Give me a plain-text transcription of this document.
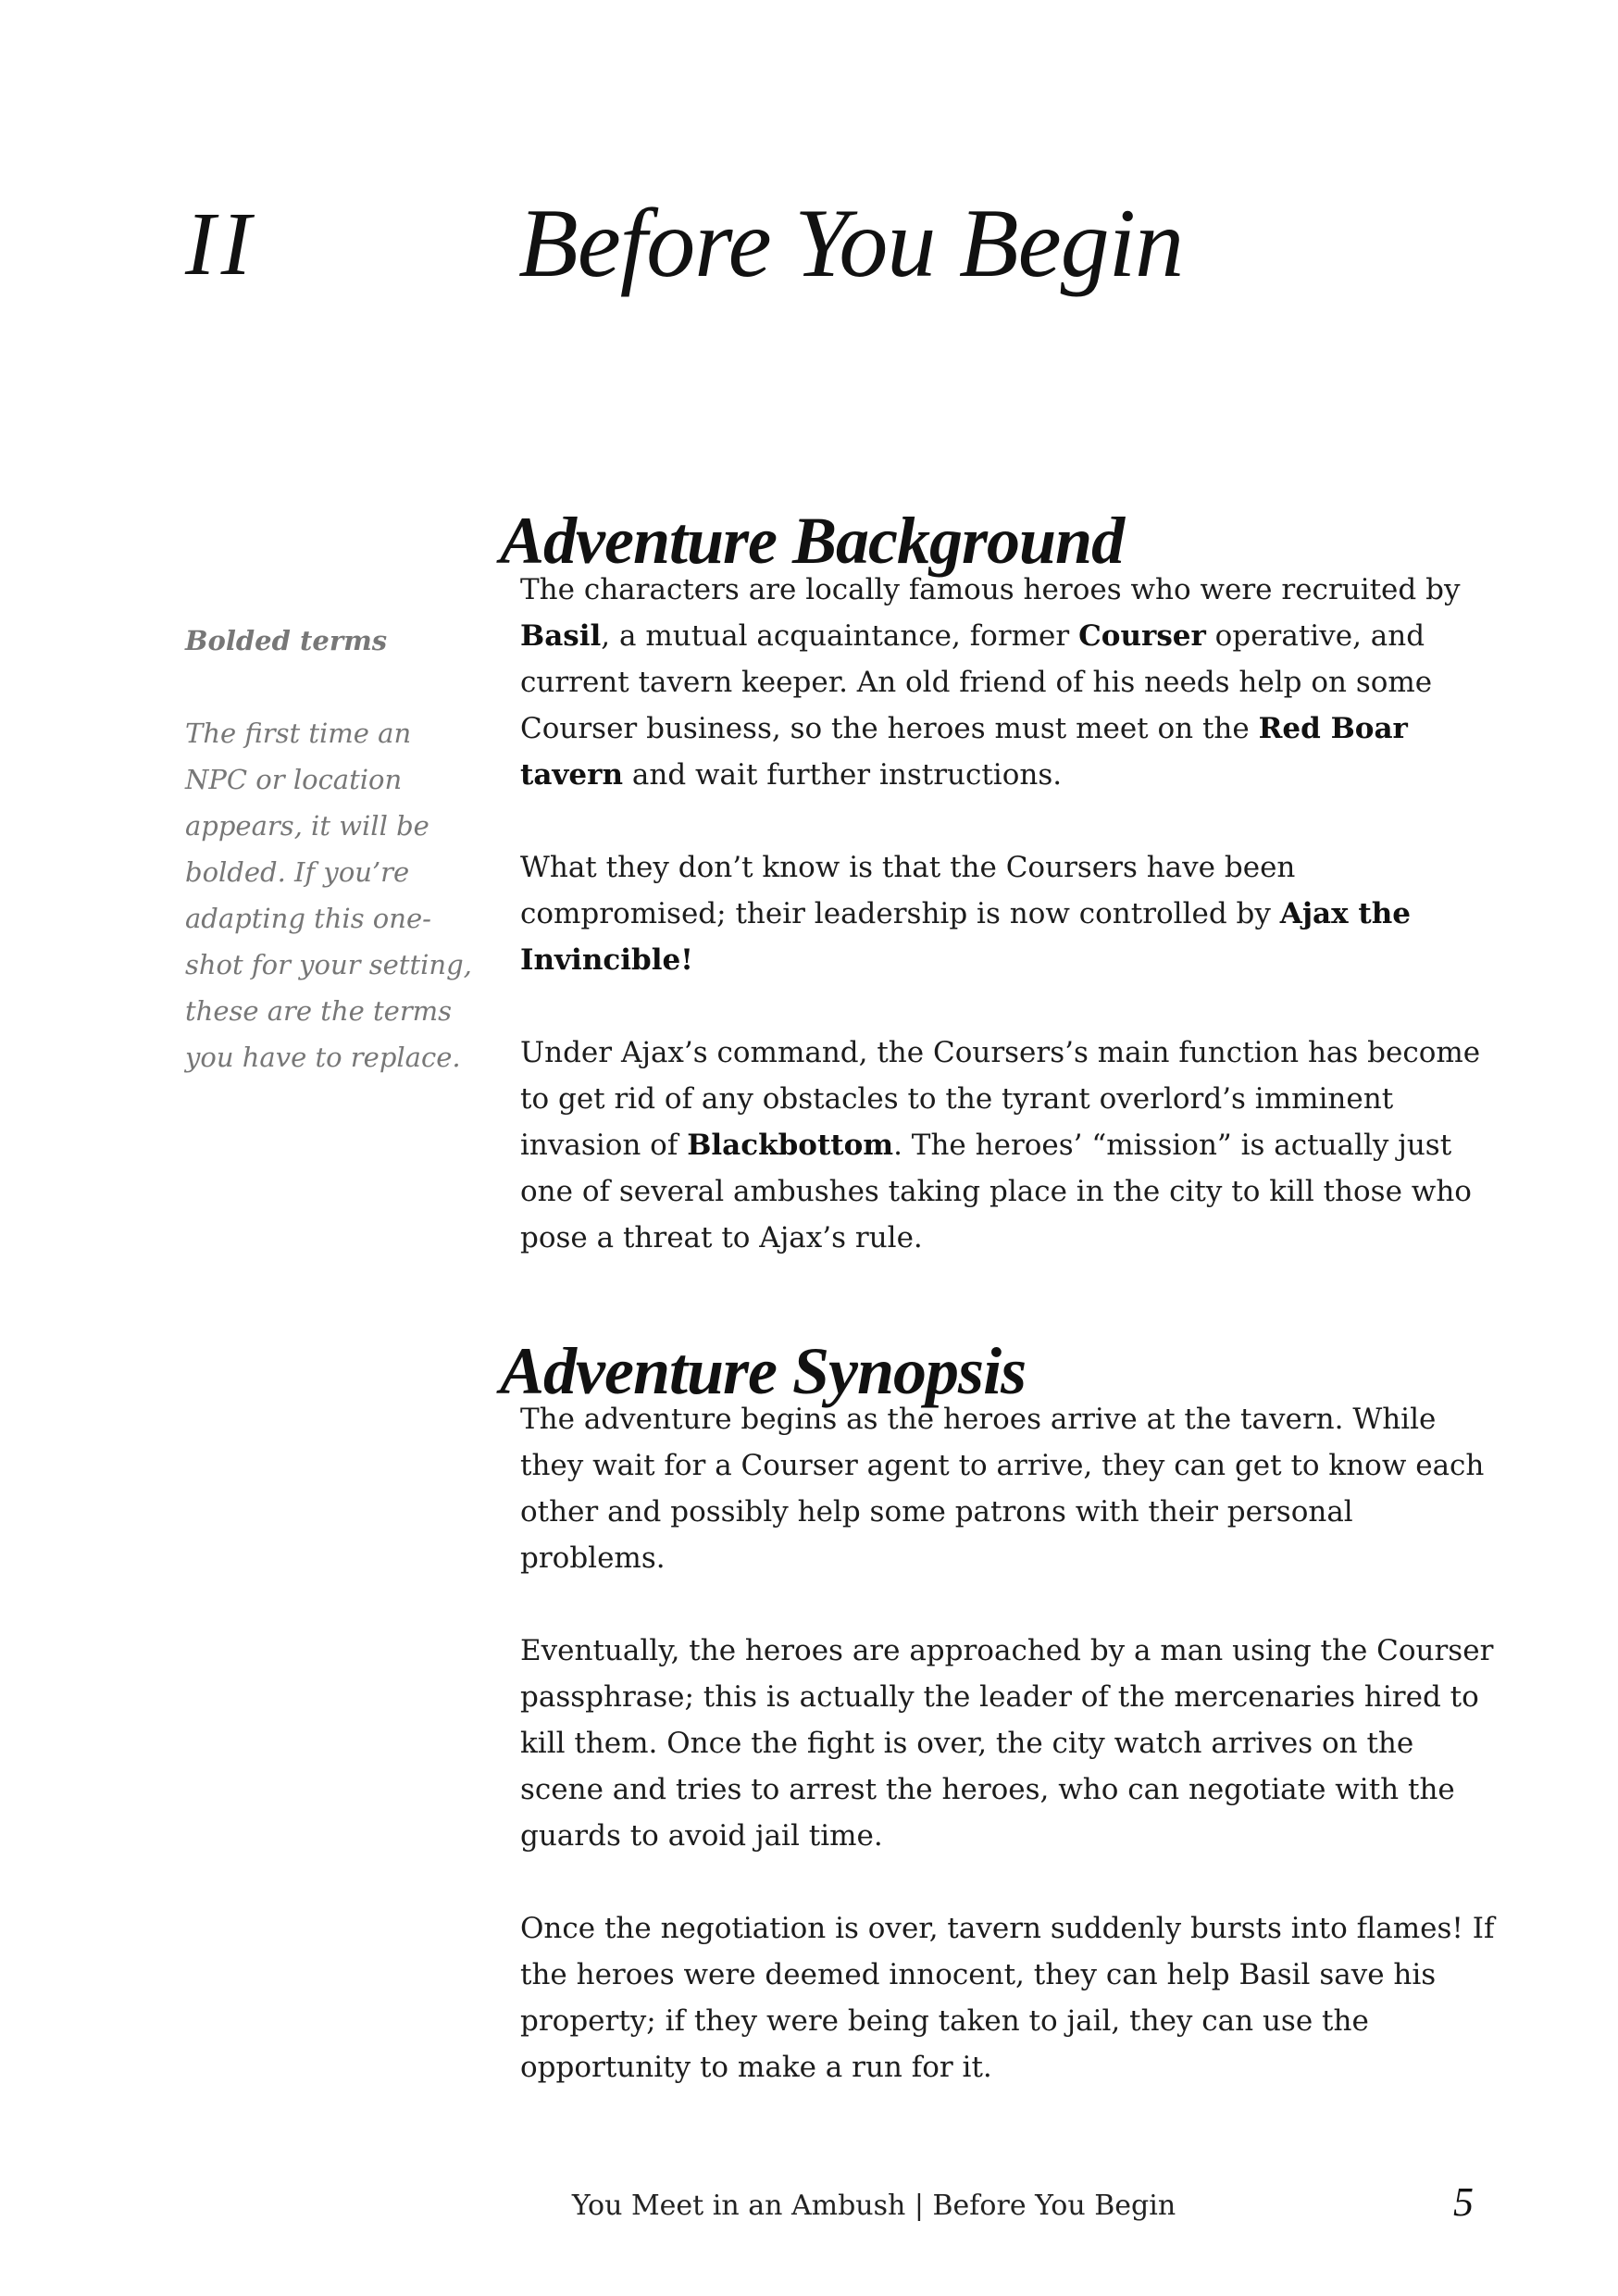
II	Before You Begin

Bolded terms

The first time an NPC or location appears, it will be bolded. If you’re adapting this one-shot for your setting, these are the terms you have to replace.

Adventure Background

The characters are locally famous heroes who were recruited by Basil, a mutual acquaintance, former Courser operative, and current tavern keeper. An old friend of his needs help on some Courser business, so the heroes must meet on the Red Boar tavern and wait further instructions.

What they don’t know is that the Coursers have been compromised; their leadership is now controlled by Ajax the Invincible!

Under Ajax’s command, the Coursers’s main function has become to get rid of any obstacles to the tyrant overlord’s imminent invasion of Blackbottom. The heroes’ “mission” is actually just one of several ambushes taking place in the city to kill those who pose a threat to Ajax’s rule.

Adventure Synopsis

The adventure begins as the heroes arrive at the tavern. While they wait for a Courser agent to arrive, they can get to know each other and possibly help some patrons with their personal problems.

Eventually, the heroes are approached by a man using the Courser passphrase; this is actually the leader of the mercenaries hired to kill them. Once the fight is over, the city watch arrives on the scene and tries to arrest the heroes, who can negotiate with the guards to avoid jail time.

Once the negotiation is over, tavern suddenly bursts into flames! If the heroes were deemed innocent, they can help Basil save his property; if they were being taken to jail, they can use the opportunity to make a run for it.

You Meet in an Ambush | Before You Begin	5
